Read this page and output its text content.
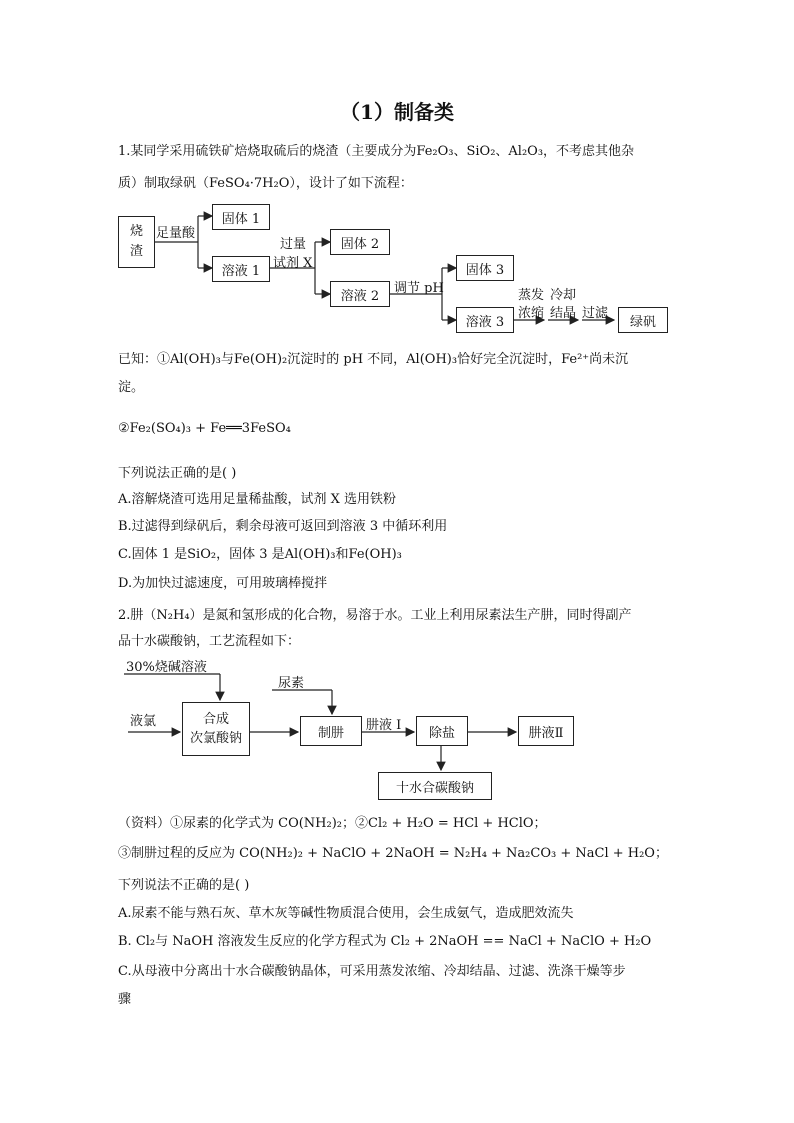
（1）制备类
1.某同学采用硫铁矿焙烧取硫后的烧渣（主要成分为Fe₂O₃、SiO₂、Al₂O₃，不考虑其他杂
质）制取绿矾（FeSO₄·7H₂O），设计了如下流程：
烧渣
足量酸
固体 1
溶液 1
过量
试剂 X
固体 2
溶液 2	调节 pH
固体 3
溶液 3
蒸发
浓缩
冷却
结晶 过滤
绿矾
已知：①Al(OH)₃与Fe(OH)₂沉淀时的 pH 不同，Al(OH)₃恰好完全沉淀时，Fe²⁺尚未沉
淀。
②Fe₂(SO₄)₃ + Fe══3FeSO₄
下列说法正确的是( )
A.溶解烧渣可选用足量稀盐酸，试剂 X 选用铁粉
B.过滤得到绿矾后，剩余母液可返回到溶液 3 中循环利用
C.固体 1 是SiO₂，固体 3 是Al(OH)₃和Fe(OH)₃
D.为加快过滤速度，可用玻璃棒搅拌
2.肼（N₂H₄）是氮和氢形成的化合物，易溶于水。工业上利用尿素法生产肼，同时得副产
品十水碳酸钠，工艺流程如下：
30%烧碱溶液
尿素
液氯	合成
次氯酸钠	制肼	肼液 I	除盐	肼液Ⅱ
十水合碳酸钠
（资料）①尿素的化学式为 CO(NH₂)₂；②Cl₂ + H₂O = HCl + HClO；
③制肼过程的反应为 CO(NH₂)₂ + NaClO + 2NaOH = N₂H₄ + Na₂CO₃ + NaCl + H₂O；
下列说法不正确的是( )
A.尿素不能与熟石灰、草木灰等碱性物质混合使用，会生成氨气，造成肥效流失
B. Cl₂与 NaOH 溶液发生反应的化学方程式为 Cl₂ + 2NaOH == NaCl + NaClO + H₂O
C.从母液中分离出十水合碳酸钠晶体，可采用蒸发浓缩、冷却结晶、过滤、洗涤干燥等步
骤
